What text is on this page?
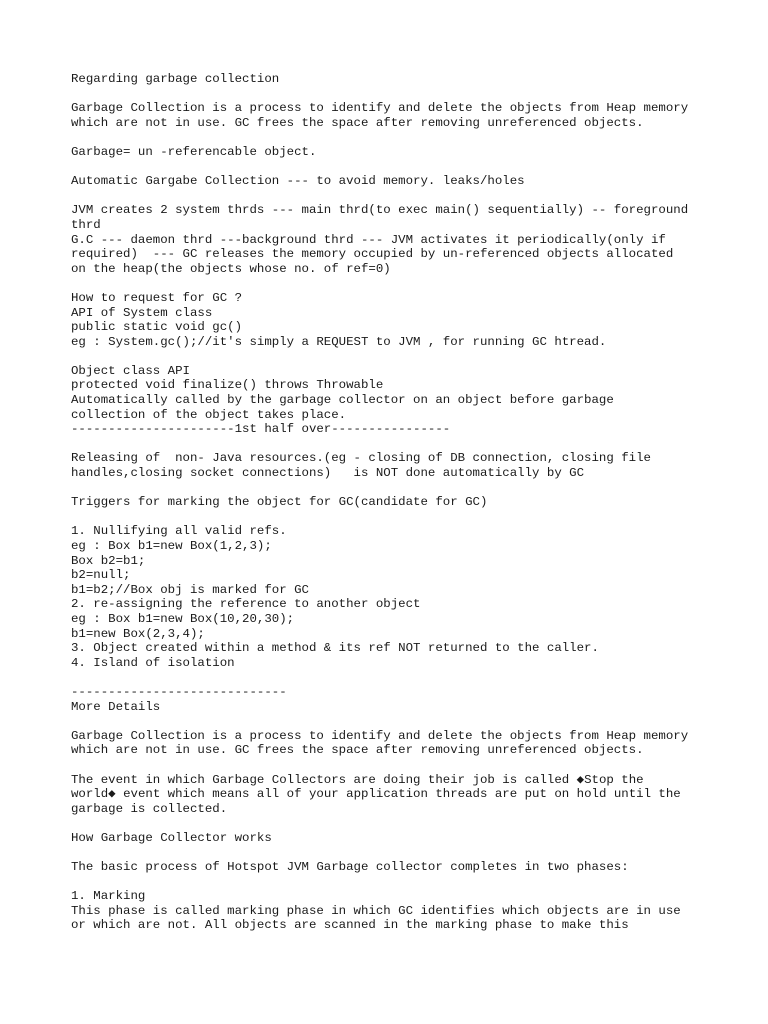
Regarding garbage collection
Garbage Collection is a process to identify and delete the objects from Heap memory
which are not in use. GC frees the space after removing unreferenced objects.
Garbage= un -referencable object.
Automatic Gargabe Collection --- to avoid memory. leaks/holes
JVM creates 2 system thrds --- main thrd(to exec main() sequentially) -- foreground
thrd
G.C --- daemon thrd ---background thrd --- JVM activates it periodically(only if
required)  --- GC releases the memory occupied by un-referenced objects allocated
on the heap(the objects whose no. of ref=0)
How to request for GC ?
API of System class
public static void gc()
eg : System.gc();//it's simply a REQUEST to JVM , for running GC htread.
Object class API
protected void finalize() throws Throwable
Automatically called by the garbage collector on an object before garbage
collection of the object takes place.
----------------------1st half over----------------
Releasing of  non- Java resources.(eg - closing of DB connection, closing file
handles,closing socket connections)   is NOT done automatically by GC
Triggers for marking the object for GC(candidate for GC)
1. Nullifying all valid refs.
eg : Box b1=new Box(1,2,3);
Box b2=b1;
b2=null;
b1=b2;//Box obj is marked for GC
2. re-assigning the reference to another object
eg : Box b1=new Box(10,20,30);
b1=new Box(2,3,4);
3. Object created within a method & its ref NOT returned to the caller.
4. Island of isolation
-----------------------------
More Details
Garbage Collection is a process to identify and delete the objects from Heap memory
which are not in use. GC frees the space after removing unreferenced objects.
The event in which Garbage Collectors are doing their job is called ◆Stop the
world◆ event which means all of your application threads are put on hold until the
garbage is collected.
How Garbage Collector works
The basic process of Hotspot JVM Garbage collector completes in two phases:
1. Marking
This phase is called marking phase in which GC identifies which objects are in use
or which are not. All objects are scanned in the marking phase to make this
